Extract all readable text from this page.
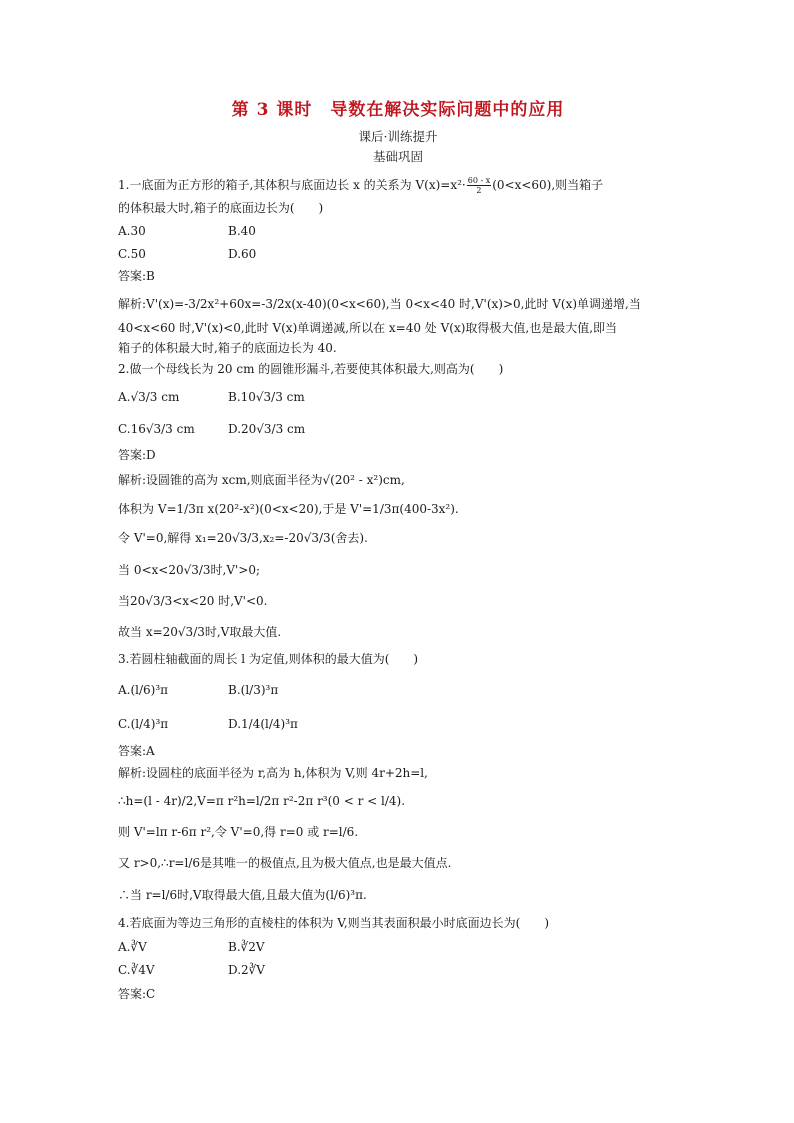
第 3 课时　导数在解决实际问题中的应用
课后·训练提升
基础巩固
1.一底面为正方形的箱子,其体积与底面边长 x 的关系为 $V(x)=x^2\cdot \frac{60 - x}{2} (0<x<60)$,则当箱子
的体积最大时,箱子的底面边长为(　　)
A.30	B.40
C.50	D.60
答案:B
解析:V'(x)=-3/2x²+60x=-3/2x(x-40)(0<x<60),当 0<x<40 时,V'(x)>0,此时 V(x)单调递增,当
40<x<60 时,V'(x)<0,此时 V(x)单调递减,所以在 x=40 处 V(x)取得极大值,也是最大值,即当
箱子的体积最大时,箱子的底面边长为 40.
2.做一个母线长为 20 cm 的圆锥形漏斗,若要使其体积最大,则高为(　　)
A.√3/3 cm	B.10√3/3 cm
C.16√3/3 cm	D.20√3/3 cm
答案:D
解析:设圆锥的高为 xcm,则底面半径为√(20² - x²)cm,
体积为 V=1/3π x(20²-x²)(0<x<20),于是 V'=1/3π(400-3x²).
令 V'=0,解得 x₁=20√3/3,x₂=-20√3/3(舍去).
当 0<x<20√3/3时,V'>0;
当20√3/3<x<20 时,V'<0.
故当 x=20√3/3时,V取最大值.
3.若圆柱轴截面的周长 l 为定值,则体积的最大值为(　　)
A.(l/6)³π	B.(l/3)³π
C.(l/4)³π	D.1/4(l/4)³π
答案:A
解析:设圆柱的底面半径为 r,高为 h,体积为 V,则 4r+2h=l,
∴h=(l - 4r)/2,V=π r²h=l/2π r²-2π r³(0 < r < l/4).
则 V'=lπ r-6π r²,令 V'=0,得 r=0 或 r=l/6.
又 r>0,∴r=l/6是其唯一的极值点,且为极大值点,也是最大值点.
∴当 r=l/6时,V取得最大值,且最大值为(l/6)³π.
4.若底面为等边三角形的直棱柱的体积为 V,则当其表面积最小时底面边长为(　　)
A.∛V	B.∛2V
C.∛4V	D.2∛V
答案:C
